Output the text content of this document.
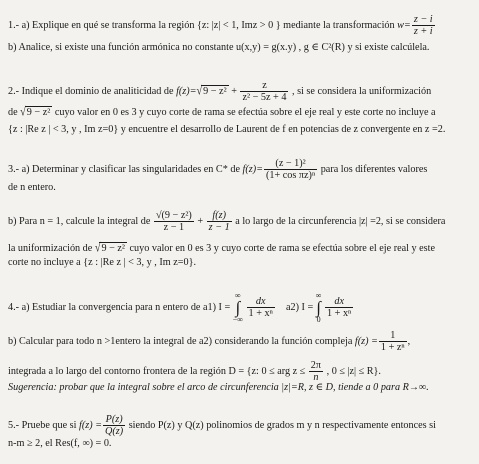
1.- a) Explique en qué se transforma la región {z: |z| < 1, Imz > 0 } mediante la transformación $w= \frac{z - i}{z + i}$
b) Analice, si existe una función armónica no constante u(x,y) = g(x.y) , g ∈ C²(R) y si existe calcúlela.
2.- Indique el dominio de analiticidad de $f(z)=√9 - z^2 + \frac{z}{\text{z² − 5z + 4}}$ , si se considera la uniformización
de √9 − z² cuyo valor en 0 es 3 y cuyo corte de rama se efectúa sobre el eje real y este corte no incluye a
{z : |Re z | < 3, y , Im z=0} y encuentre el desarrollo de Laurent de f en potencias de z convergente en z =2.
3.- a) Determinar y clasificar las singularidades en C* de $f(z)= \frac{\text{(z − 1)²}}{\text{(1+ cos πz)ⁿ}}$ para los diferentes valores
de n entero.
b) Para n = 1, calcule la integral de $\frac{\text{√(9 − z²)}}{z - 1} + \frac{f(z)}{z - 1}$ a lo largo de la circunferencia |z| =2, si se considera
la uniformización de √9 − z² cuyo valor en 0 es 3 y cuyo corte de rama se efectúa sobre el eje real y este
corte no incluye a {z : |Re z | < 3, y , Im z=0}.
4.- a) Estudiar la convergencia para n entero de a1) I = ∞
∫
−∞
$\frac{dx}{\text{1 + xⁿ}} a2$) I = ∞
∫
0
$\frac{dx}{\text{1 + xⁿ}}$
b) Calcular para todo n >1entero la integral de a2) considerando la función compleja $f(z) = \frac{1}{\text{1 + zⁿ}}$ ,
integrada a lo largo del contorno frontera de la región D = {z: 0 ≤ arg $z \le \frac{2\pi}{n}$ , 0 ≤ |z| ≤ R}.
Sugerencia: probar que la integral sobre el arco de circunferencia |z|=R, z ∈ D, tiende a 0 para R→∞.
5.- Pruebe que si $f(z) = \frac{P(z)}{Q(z)}$ siendo P(z) y Q(z) polinomios de grados m y n respectivamente entonces si
n-m ≥ 2, el Res(f, ∞) = 0.
